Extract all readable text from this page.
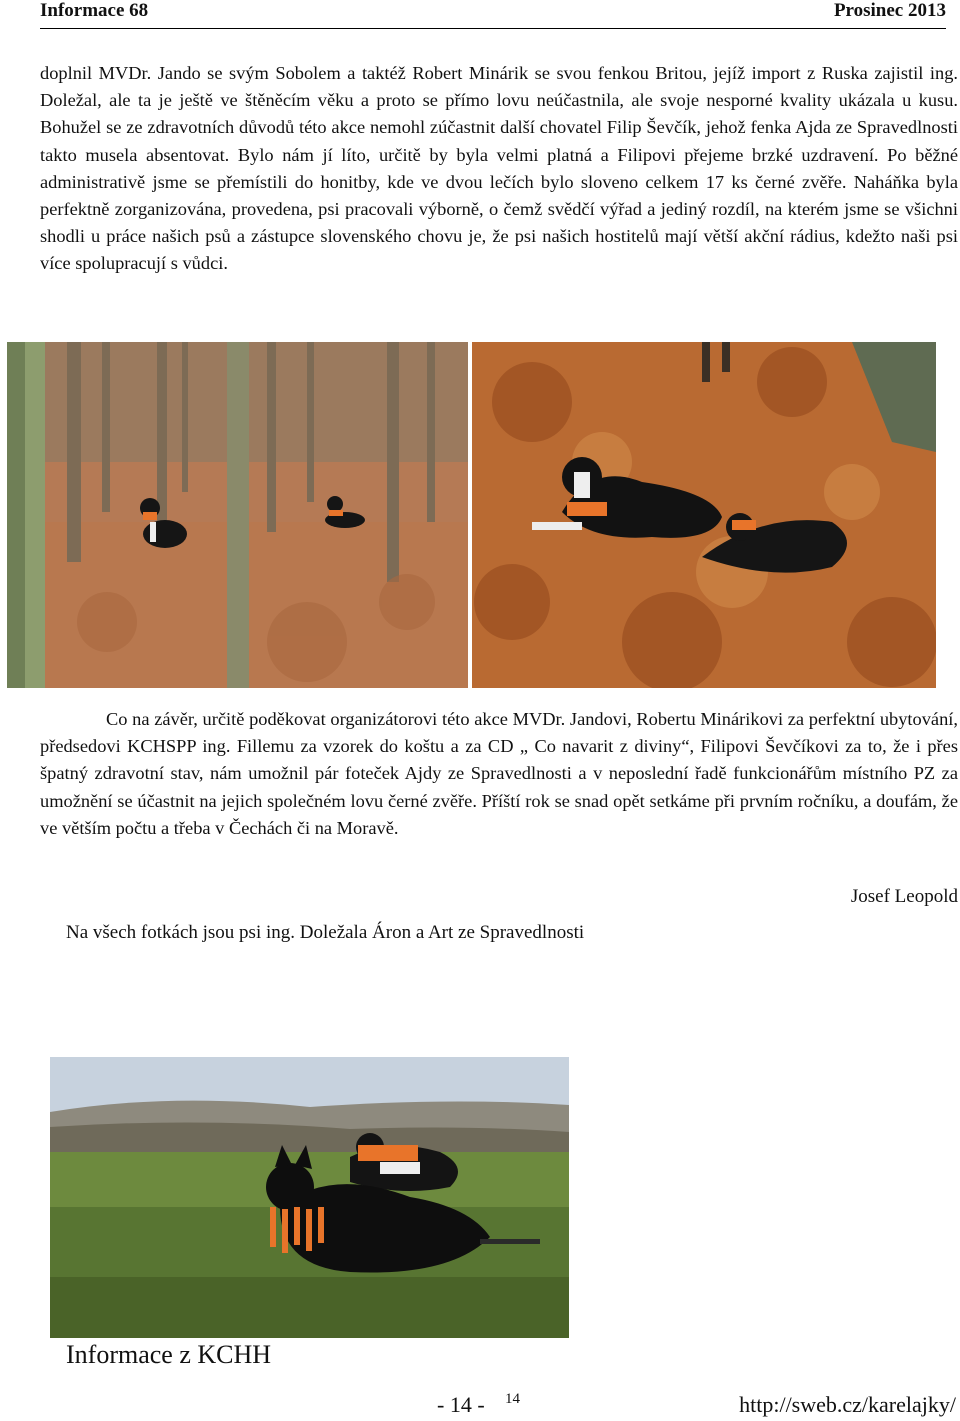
Informace 68	Prosinec 2013

doplnil MVDr. Jando se svým Sobolem a taktéž Robert Minárik se svou fenkou Britou, jejíž import z Ruska zajistil ing. Doležal, ale ta je ještě ve štěněcím věku a proto se přímo lovu neúčastnila, ale svoje nesporné kvality ukázala u kusu. Bohužel se ze zdravotních důvodů této akce nemohl zúčastnit další chovatel Filip Ševčík, jehož fenka Ajda ze Spravedlnosti takto musela absentovat. Bylo nám jí líto, určitě by byla velmi platná a Filipovi přejeme brzké uzdravení. Po běžné administrativě jsme se přemístili do honitby, kde ve dvou lečích bylo sloveno celkem 17 ks černé zvěře. Naháňka byla perfektně zorganizována, provedena, psi pracovali výborně, o čemž svědčí výřad a jediný rozdíl, na kterém jsme se všichni shodli u práce našich psů a zástupce slovenského chovu je, že psi našich hostitelů mají větší akční rádius, kdežto naši psi více spolupracují s vůdci.

Co na závěr, určitě poděkovat organizátorovi této akce MVDr. Jandovi, Robertu Minárikovi za perfektní ubytování, předsedovi KCHSPP ing. Fillemu za vzorek do koštu a za CD „ Co navarit z diviny“, Filipovi Ševčíkovi za to, že i přes špatný zdravotní stav, nám umožnil pár foteček Ajdy ze Spravedlnosti a v neposlední řadě funkcionářům místního PZ za umožnění se účastnit na jejich společném lovu černé zvěře. Příští rok se snad opět setkáme při prvním ročníku, a doufám, že ve větším počtu a třeba v Čechách či na Moravě.

Josef Leopold
Na všech fotkách jsou psi ing. Doležala Áron a Art ze Spravedlnosti
Informace z KCHH
- 14 - 14	http://sweb.cz/karelajky/
